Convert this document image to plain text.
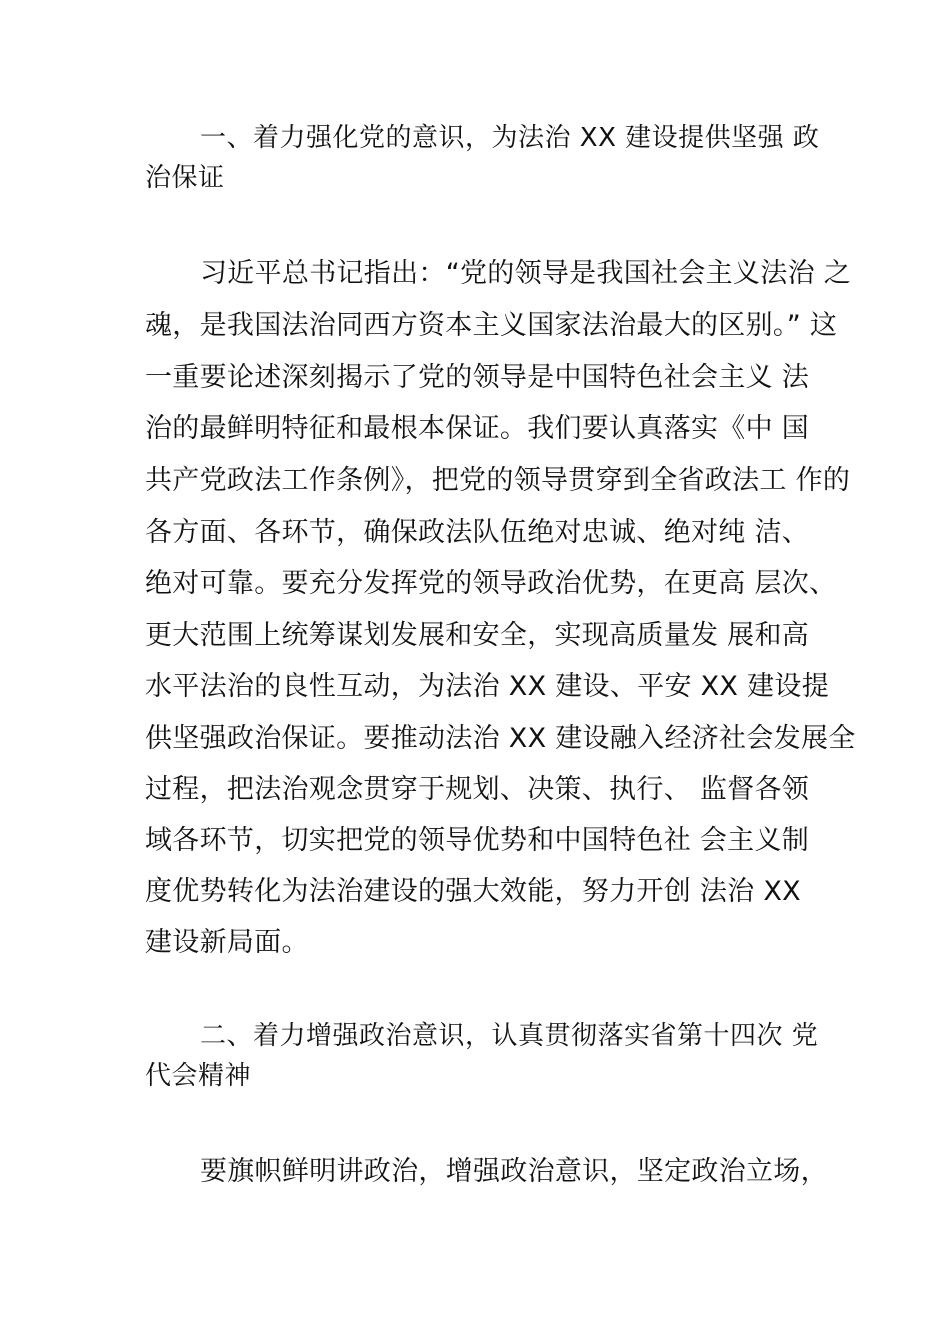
一、着力强化党的意识，为法治 XX 建设提供坚强 政治保证

习近平总书记指出：“党的领导是我国社会主义法治 之

魂，是我国法治同西方资本主义国家法治最大的区别。” 这

一重要论述深刻揭示了党的领导是中国特色社会主义 法

治的最鲜明特征和最根本保证。我们要认真落实《中 国

共产党政法工作条例》，把党的领导贯穿到全省政法工 作的

各方面、各环节，确保政法队伍绝对忠诚、绝对纯 洁、

绝对可靠。要充分发挥党的领导政治优势，在更高 层次、

更大范围上统筹谋划发展和安全，实现高质量发 展和高

水平法治的良性互动，为法治 XX 建设、平安 XX 建设提

供坚强政治保证。要推动法治 XX 建设融入经济社会发展全

过程，把法治观念贯穿于规划、决策、执行、 监督各领

域各环节，切实把党的领导优势和中国特色社 会主义制

度优势转化为法治建设的强大效能，努力开创 法治 XX

建设新局面。

二、着力增强政治意识，认真贯彻落实省第十四次 党代会精神

要旗帜鲜明讲政治，增强政治意识，坚定政治立场，
